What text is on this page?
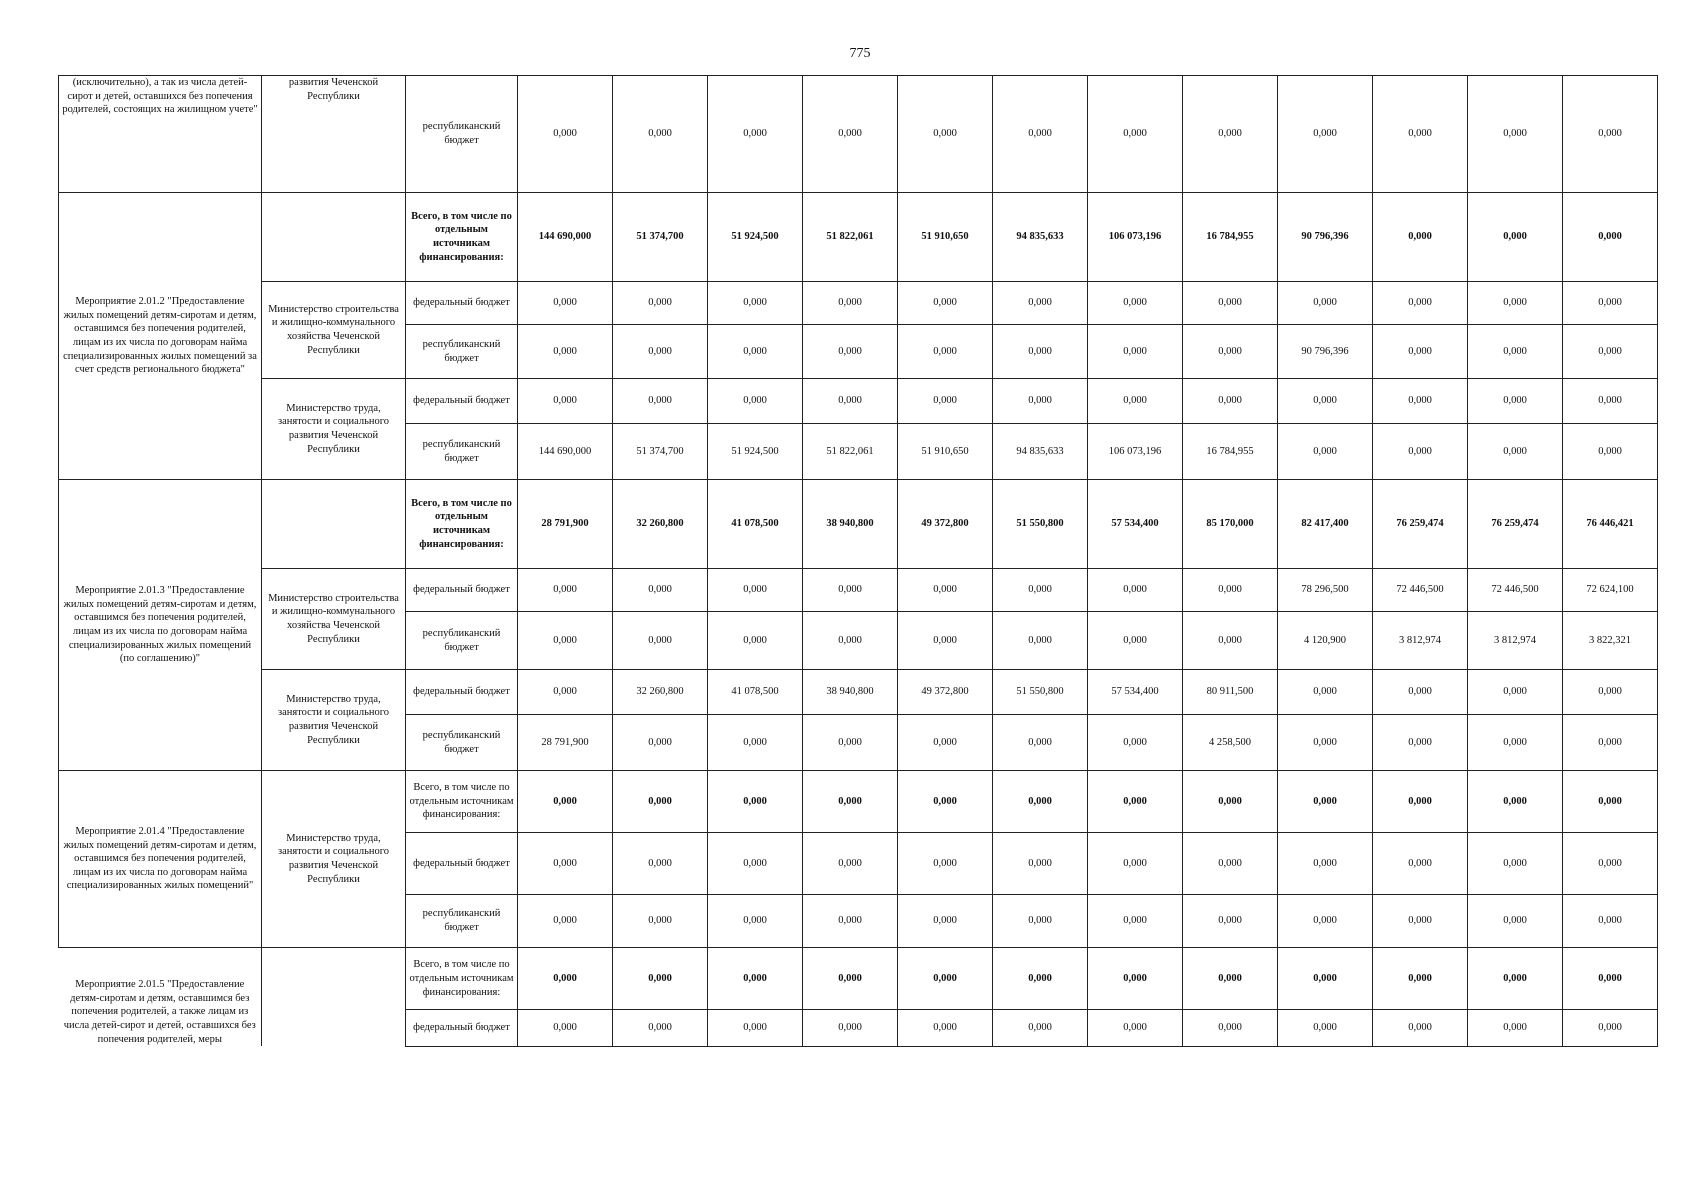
775
(исключительно), а так из числа детей-сирот и детей, оставшихся без попечения родителей, состоящих на жилищном учете"	развития Чеченской Республики	республиканский бюджет	0,000	0,000	0,000	0,000	0,000	0,000	0,000	0,000	0,000	0,000	0,000	0,000
Мероприятие 2.01.2 "Предоставление жилых помещений детям-сиротам и детям, оставшимся без попечения родителей, лицам из их числа по договорам найма специализированных жилых помещений за счет средств регионального бюджета"		Всего, в том числе по отдельным источникам финансирования:	144 690,000	51 374,700	51 924,500	51 822,061	51 910,650	94 835,633	106 073,196	16 784,955	90 796,396	0,000	0,000	0,000
	Министерство строительства и жилищно-коммунального хозяйства Чеченской Республики	федеральный бюджет	0,000	0,000	0,000	0,000	0,000	0,000	0,000	0,000	0,000	0,000	0,000	0,000
		республиканский бюджет	0,000	0,000	0,000	0,000	0,000	0,000	0,000	0,000	90 796,396	0,000	0,000	0,000
	Министерство труда, занятости и социального развития Чеченской Республики	федеральный бюджет	0,000	0,000	0,000	0,000	0,000	0,000	0,000	0,000	0,000	0,000	0,000	0,000
		республиканский бюджет	144 690,000	51 374,700	51 924,500	51 822,061	51 910,650	94 835,633	106 073,196	16 784,955	0,000	0,000	0,000	0,000
Мероприятие 2.01.3 "Предоставление жилых помещений детям-сиротам и детям, оставшимся без попечения родителей, лицам из их числа по договорам найма специализированных жилых помещений (по соглашению)"		Всего, в том числе по отдельным источникам финансирования:	28 791,900	32 260,800	41 078,500	38 940,800	49 372,800	51 550,800	57 534,400	85 170,000	82 417,400	76 259,474	76 259,474	76 446,421
	Министерство строительства и жилищно-коммунального хозяйства Чеченской Республики	федеральный бюджет	0,000	0,000	0,000	0,000	0,000	0,000	0,000	0,000	78 296,500	72 446,500	72 446,500	72 624,100
		республиканский бюджет	0,000	0,000	0,000	0,000	0,000	0,000	0,000	0,000	4 120,900	3 812,974	3 812,974	3 822,321
	Министерство труда, занятости и социального развития Чеченской Республики	федеральный бюджет	0,000	32 260,800	41 078,500	38 940,800	49 372,800	51 550,800	57 534,400	80 911,500	0,000	0,000	0,000	0,000
		республиканский бюджет	28 791,900	0,000	0,000	0,000	0,000	0,000	0,000	4 258,500	0,000	0,000	0,000	0,000
Мероприятие 2.01.4 "Предоставление жилых помещений детям-сиротам и детям, оставшимся без попечения родителей, лицам из их числа по договорам найма специализированных жилых помещений"	Министерство труда, занятости и социального развития Чеченской Республики	Всего, в том числе по отдельным источникам финансирования:	0,000	0,000	0,000	0,000	0,000	0,000	0,000	0,000	0,000	0,000	0,000	0,000
		федеральный бюджет	0,000	0,000	0,000	0,000	0,000	0,000	0,000	0,000	0,000	0,000	0,000	0,000
		республиканский бюджет	0,000	0,000	0,000	0,000	0,000	0,000	0,000	0,000	0,000	0,000	0,000	0,000
Мероприятие 2.01.5 "Предоставление детям-сиротам и детям, оставшимся без попечения родителей, а также лицам из числа детей-сирот и детей, оставшихся без попечения родителей, меры		Всего, в том числе по отдельным источникам финансирования:	0,000	0,000	0,000	0,000	0,000	0,000	0,000	0,000	0,000	0,000	0,000	0,000
		федеральный бюджет	0,000	0,000	0,000	0,000	0,000	0,000	0,000	0,000	0,000	0,000	0,000	0,000
